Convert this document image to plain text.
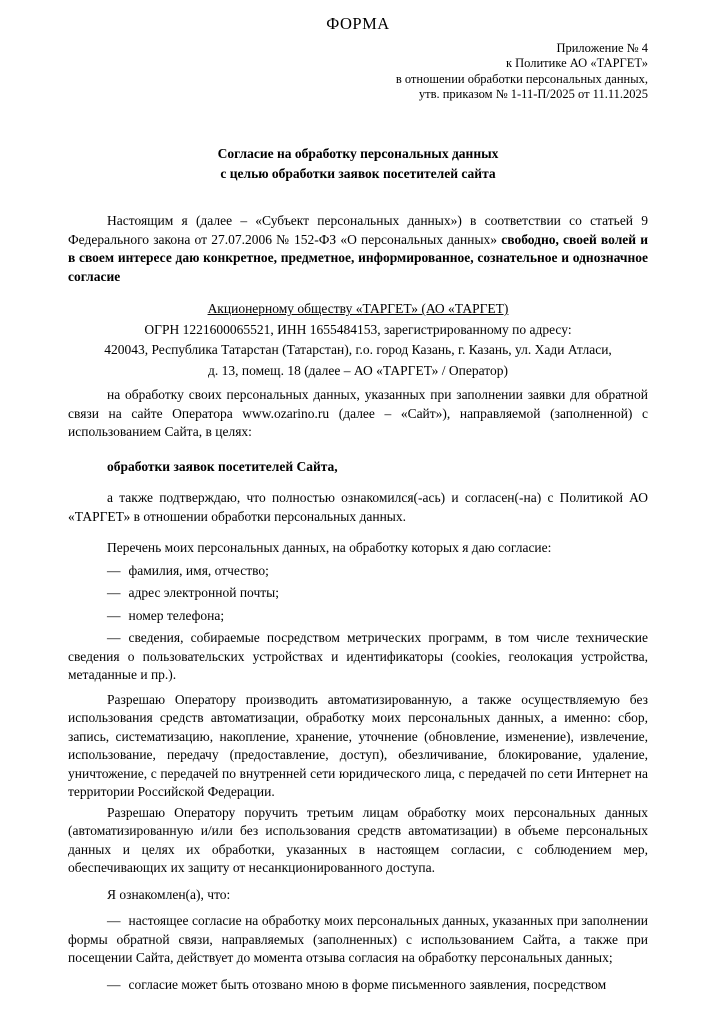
ФОРМА
Приложение № 4
к Политике АО «ТАРГЕТ»
в отношении обработки персональных данных,
утв. приказом № 1-11-П/2025 от 11.11.2025
Согласие на обработку персональных данных
с целью обработки заявок посетителей сайта

Настоящим я (далее – «Субъект персональных данных») в соответствии со статьей 9 Федерального закона от 27.07.2006 № 152-ФЗ «О персональных данных» свободно, своей волей и в своем интересе даю конкретное, предметное, информированное, сознательное и однозначное согласие

Акционерному обществу «ТАРГЕТ» (АО «ТАРГЕТ)
ОГРН 1221600065521, ИНН 1655484153, зарегистрированному по адресу:
420043, Республика Татарстан (Татарстан), г.о. город Казань, г. Казань, ул. Хади Атласи,
д. 13, помещ. 18 (далее – АО «ТАРГЕТ» / Оператор)

на обработку своих персональных данных, указанных при заполнении заявки для обратной связи на сайте Оператора www.ozarino.ru (далее – «Сайт»), направляемой (заполненной) с использованием Сайта, в целях:

обработки заявок посетителей Сайта,

а также подтверждаю, что полностью ознакомился(-ась) и согласен(-на) с Политикой АО «ТАРГЕТ» в отношении обработки персональных данных.

Перечень моих персональных данных, на обработку которых я даю согласие:

— фамилия, имя, отчество;

— адрес электронной почты;

— номер телефона;

— сведения, собираемые посредством метрических программ, в том числе технические сведения о пользовательских устройствах и идентификаторы (cookies, геолокация устройства, метаданные и пр.).

Разрешаю Оператору производить автоматизированную, а также осуществляемую без использования средств автоматизации, обработку моих персональных данных, а именно: сбор, запись, систематизацию, накопление, хранение, уточнение (обновление, изменение), извлечение, использование, передачу (предоставление, доступ), обезличивание, блокирование, удаление, уничтожение, с передачей по внутренней сети юридического лица, с передачей по сети Интернет на территории Российской Федерации.

Разрешаю Оператору поручить третьим лицам обработку моих персональных данных (автоматизированную и/или без использования средств автоматизации) в объеме персональных данных и целях их обработки, указанных в настоящем согласии, с соблюдением мер, обеспечивающих их защиту от несанкционированного доступа.

Я ознакомлен(а), что:

— настоящее согласие на обработку моих персональных данных, указанных при заполнении формы обратной связи, направляемых (заполненных) с использованием Сайта, а также при посещении Сайта, действует до момента отзыва согласия на обработку персональных данных;

— согласие может быть отозвано мною в форме письменного заявления, посредством
